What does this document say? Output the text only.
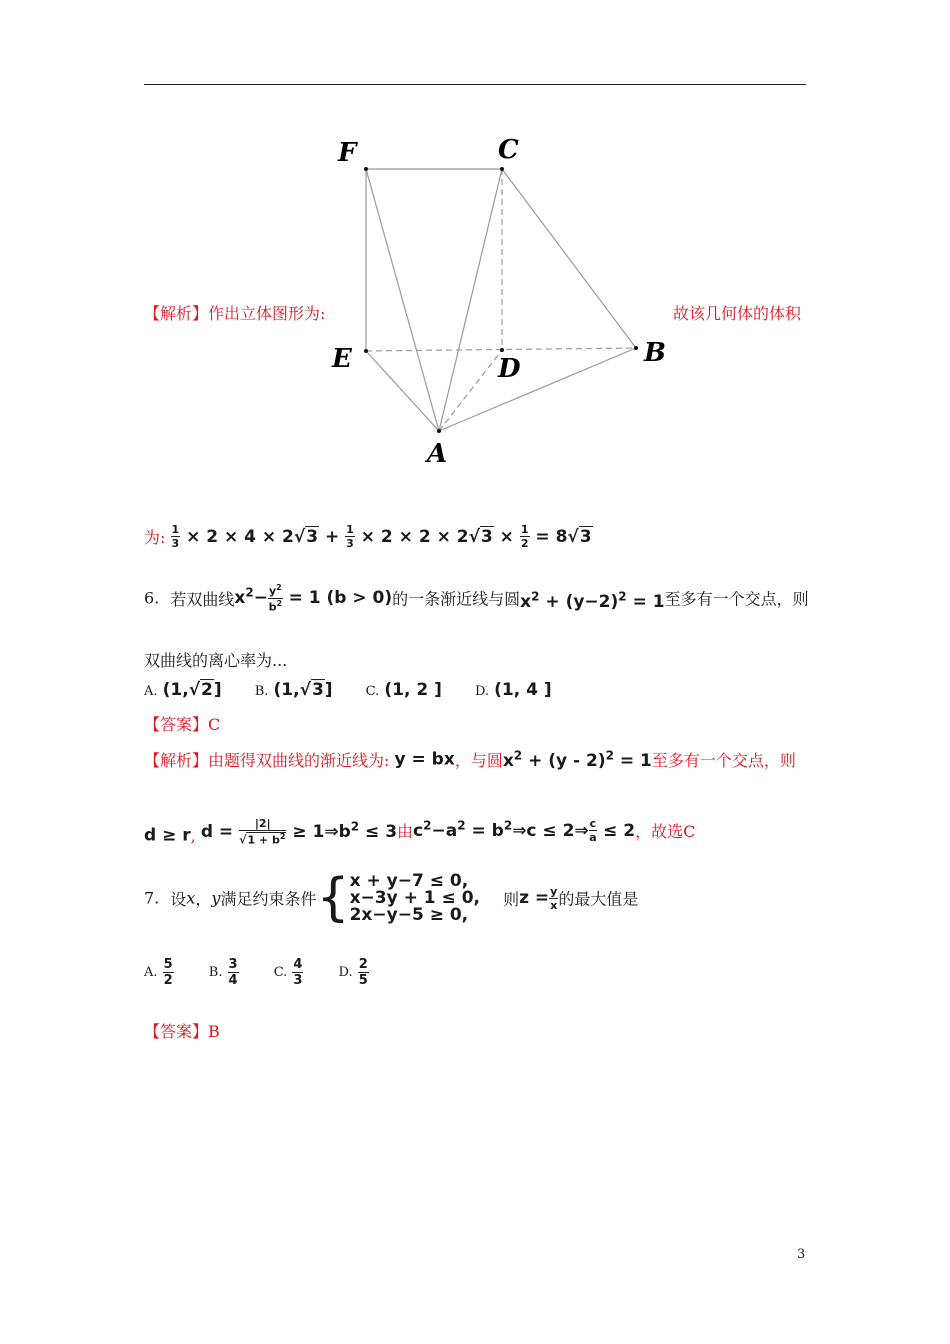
F	C
E	D
B
A
【解析】作出立体图形为:	故该几何体的体积
为: $\frac{1}{3} \times 2 \times 4 \times 2√3 + \frac{1}{3} \times 2 \times 2 \times 2√3 \times \frac{1}{2} = 8√3$
6. 若双曲线$x^2- \frac{y^2}{b^2} = 1$ (b > 0)的一条渐近线与圆$x^2 + (y-2)^2 = 1$至多有一个交点，则
双曲线的离心率为...
A. (1,√2]	B. (1,√3]	C. (1, 2 ]	D. (1, 4 ]
【答案】C
【解析】由题得双曲线的渐近线为: y = bx，与圆$x^2 + (y - 2)^2 = 1$至多有一个交点，则
d ≥ r, $d = \frac{|2|}{√1 + b^2}$ ≥ $1\Rightarrow b^2 \le 3$由$c^2-a^2$ = $b^2\Rightarrow c$ ≤ 2⇒ $\frac{c}{a} \le 2$，故选C
7. 设x，y满足约束条件{ x + y−7 ≤ 0,
x−3y + 1 ≤ 0,
2x−y−5 ≥ 0,
则$z = \frac{y}{x}$ 的最大值是
A. $\frac{5}{2}$	B. $\frac{3}{4}$	C. $\frac{4}{3}$	D. $\frac{2}{5}$
【答案】B
3
